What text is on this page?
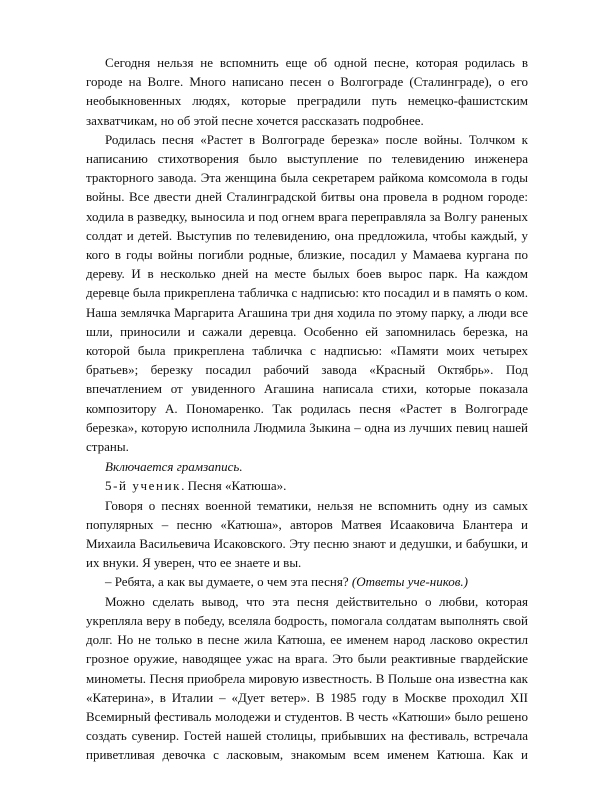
Сегодня нельзя не вспомнить еще об одной песне, которая родилась в городе на Волге. Много написано песен о Волгограде (Сталинграде), о его необыкновенных людях, которые преградили путь немецко-фашистским захватчикам, но об этой песне хочется рассказать подробнее.

Родилась песня «Растет в Волгограде березка» после войны. Толчком к написанию стихотворения было выступление по телевидению инженера тракторного завода. Эта женщина была секретарем райкома комсомола в годы войны. Все двести дней Сталинградской битвы она провела в родном городе: ходила в разведку, выносила и под огнем врага переправляла за Волгу раненых солдат и детей. Выступив по телевидению, она предложила, чтобы каждый, у кого в годы войны погибли родные, близкие, посадил у Мамаева кургана по дереву. И в несколько дней на месте былых боев вырос парк. На каждом деревце была прикреплена табличка с надписью: кто посадил и в память о ком. Наша землячка Маргарита Агашина три дня ходила по этому парку, а люди все шли, приносили и сажали деревца. Особенно ей запомнилась березка, на которой была прикреплена табличка с надписью: «Памяти моих четырех братьев»; березку посадил рабочий завода «Красный Октябрь». Под впечатлением от увиденного Агашина написала стихи, которые показала композитору А. Пономаренко. Так родилась песня «Растет в Волгограде березка», которую исполнила Людмила Зыкина – одна из лучших певиц нашей страны.

Включается грамзапись.

5-й ученик. Песня «Катюша».

Говоря о песнях военной тематики, нельзя не вспомнить одну из самых популярных – песню «Катюша», авторов Матвея Исааковича Блантера и Михаила Васильевича Исаковского. Эту песню знают и дедушки, и бабушки, и их внуки. Я уверен, что ее знаете и вы.

– Ребята, а как вы думаете, о чем эта песня? (Ответы уче-ников.)

Можно сделать вывод, что эта песня действительно о любви, которая укрепляла веру в победу, вселяла бодрость, помогала солдатам выполнять свой долг. Но не только в песне жила Катюша, ее именем народ ласково окрестил грозное оружие, наводящее ужас на врага. Это были реактивные гвардейские минометы. Песня приобрела мировую известность. В Польше она известна как «Катерина», в Италии – «Дует ветер». В 1985 году в Москве проходил XII Всемирный фестиваль молодежи и студентов. В честь «Катюши» было решено создать сувенир. Гостей нашей столицы, прибывших на фестиваль, встречала приветливая девочка с ласковым, знакомым всем именем Катюша. Как и
